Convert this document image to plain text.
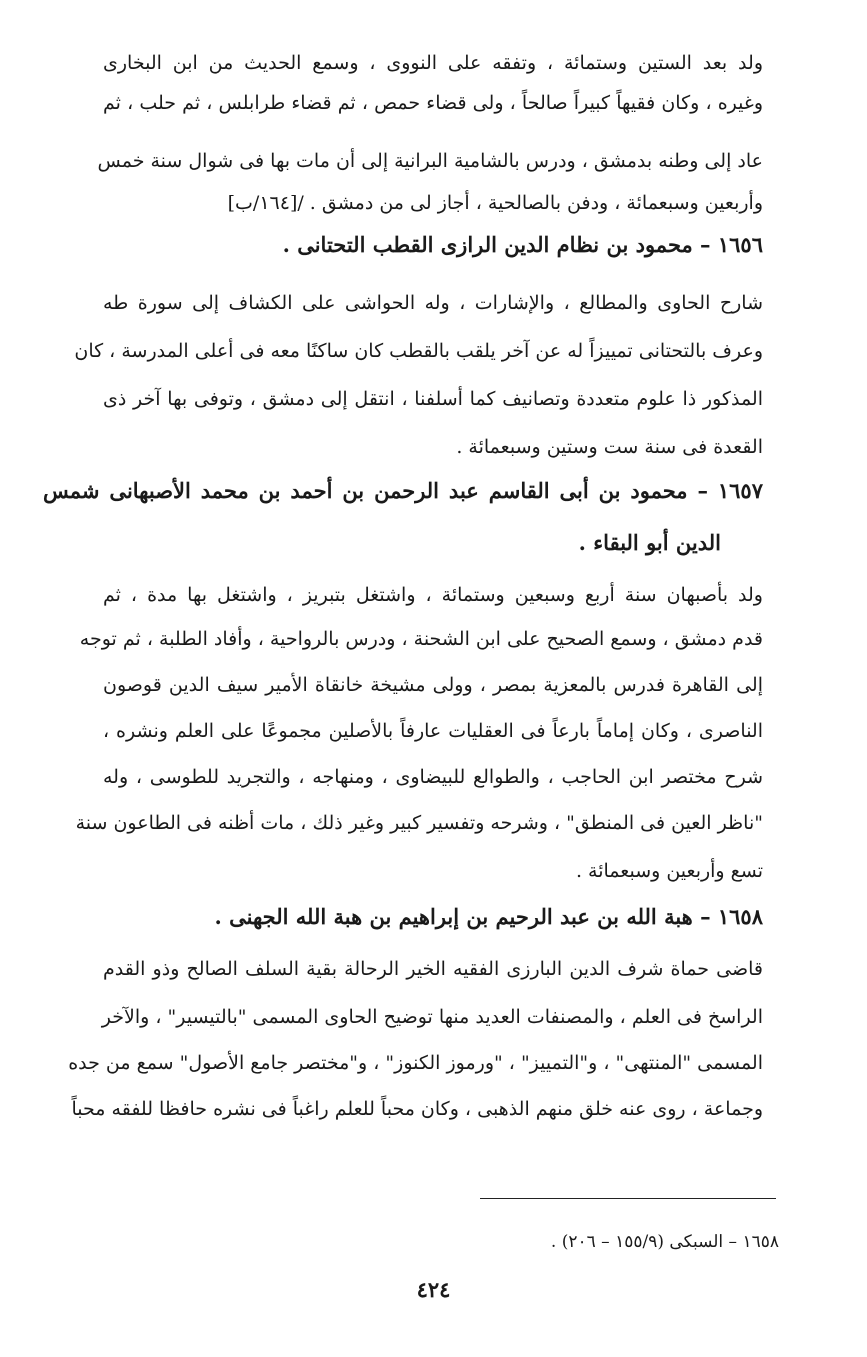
ولد بعد الستين وستمائة ، وتفقه على النووى ، وسمع الحديث من ابن البخارى
وغيره ، وكان فقيهاً كبيراً صالحاً ، ولى قضاء حمص ، ثم قضاء طرابلس ، ثم حلب ، ثم
عاد إلى وطنه بدمشق ، ودرس بالشامية البرانية إلى أن مات بها فى شوال سنة خمس
وأربعين وسبعمائة ، ودفن بالصالحية ، أجاز لى من دمشق . /[١٦٤/ب]
١٦٥٦ – محمود بن نظام الدين الرازى القطب التحتانى .
شارح الحاوى والمطالع ، والإشارات ، وله الحواشى على الكشاف إلى سورة طه
وعرف بالتحتانى تمييزاً له عن آخر يلقب بالقطب كان ساكنًا معه فى أعلى المدرسة ، كان
المذكور ذا علوم متعددة وتصانيف كما أسلفنا ، انتقل إلى دمشق ، وتوفى بها آخر ذى
القعدة فى سنة ست وستين وسبعمائة .
١٦٥٧ – محمود بن أبى القاسم عبد الرحمن بن أحمد بن محمد الأصبهانى شمس
الدين أبو البقاء .
ولد بأصبهان سنة أربع وسبعين وستمائة ، واشتغل بتبريز ، واشتغل بها مدة ، ثم
قدم دمشق ، وسمع الصحيح على ابن الشحنة ، ودرس بالرواحية ، وأفاد الطلبة ، ثم توجه
إلى القاهرة فدرس بالمعزية بمصر ، وولى مشيخة خانقاة الأمير سيف الدين قوصون
الناصرى ، وكان إماماً بارعاً فى العقليات عارفاً بالأصلين مجموعًا على العلم ونشره ،
شرح مختصر ابن الحاجب ، والطوالع للبيضاوى ، ومنهاجه ، والتجريد للطوسى ، وله
"ناظر العين فى المنطق" ، وشرحه وتفسير كبير وغير ذلك ، مات أظنه فى الطاعون سنة
تسع وأربعين وسبعمائة .
١٦٥٨ – هبة الله بن عبد الرحيم بن إبراهيم بن هبة الله الجهنى .
قاضى حماة شرف الدين البارزى الفقيه الخير الرحالة بقية السلف الصالح وذو القدم
الراسخ فى العلم ، والمصنفات العديد منها توضيح الحاوى المسمى "بالتيسير" ، والآخر
المسمى "المنتهى" ، و"التمييز" ، "ورموز الكنوز" ، و"مختصر جامع الأصول" سمع من جده
وجماعة ، روى عنه خلق منهم الذهبى ، وكان محباً للعلم راغباً فى نشره حافظا للفقه محباً
١٦٥٨ – السبكى (١٥٥/٩ – ٢٠٦) .
٤٢٤
